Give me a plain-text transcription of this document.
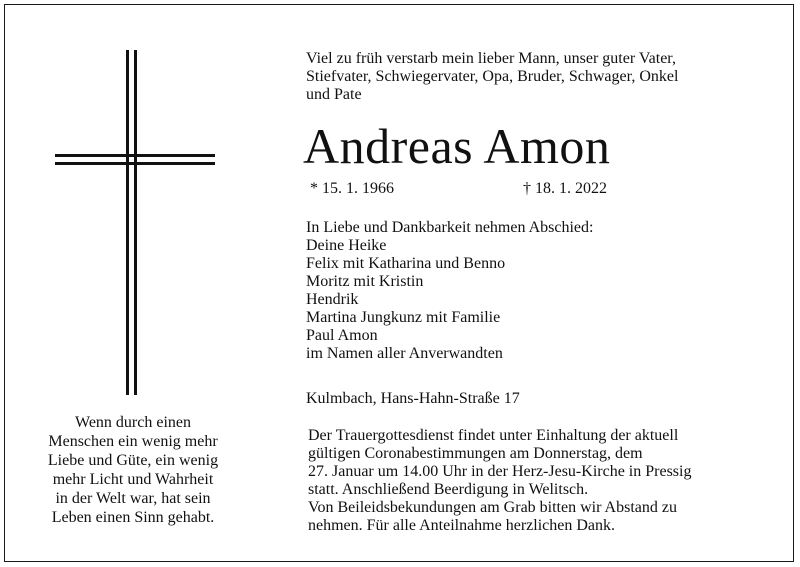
Wenn durch einen
Menschen ein wenig mehr
Liebe und Güte, ein wenig
mehr Licht und Wahrheit
in der Welt war, hat sein
Leben einen Sinn gehabt.
Viel zu früh verstarb mein lieber Mann, unser guter Vater,
Stiefvater, Schwiegervater, Opa, Bruder, Schwager, Onkel
und Pate
Andreas Amon
* 15. 1. 1966	† 18. 1. 2022
In Liebe und Dankbarkeit nehmen Abschied:
Deine Heike
Felix mit Katharina und Benno
Moritz mit Kristin
Hendrik
Martina Jungkunz mit Familie
Paul Amon
im Namen aller Anverwandten
Kulmbach, Hans-Hahn-Straße 17
Der Trauergottesdienst findet unter Einhaltung der aktuell
gültigen Coronabestimmungen am Donnerstag, dem
27. Januar um 14.00 Uhr in der Herz-Jesu-Kirche in Pressig
statt. Anschließend Beerdigung in Welitsch.
Von Beileidsbekundungen am Grab bitten wir Abstand zu
nehmen. Für alle Anteilnahme herzlichen Dank.
